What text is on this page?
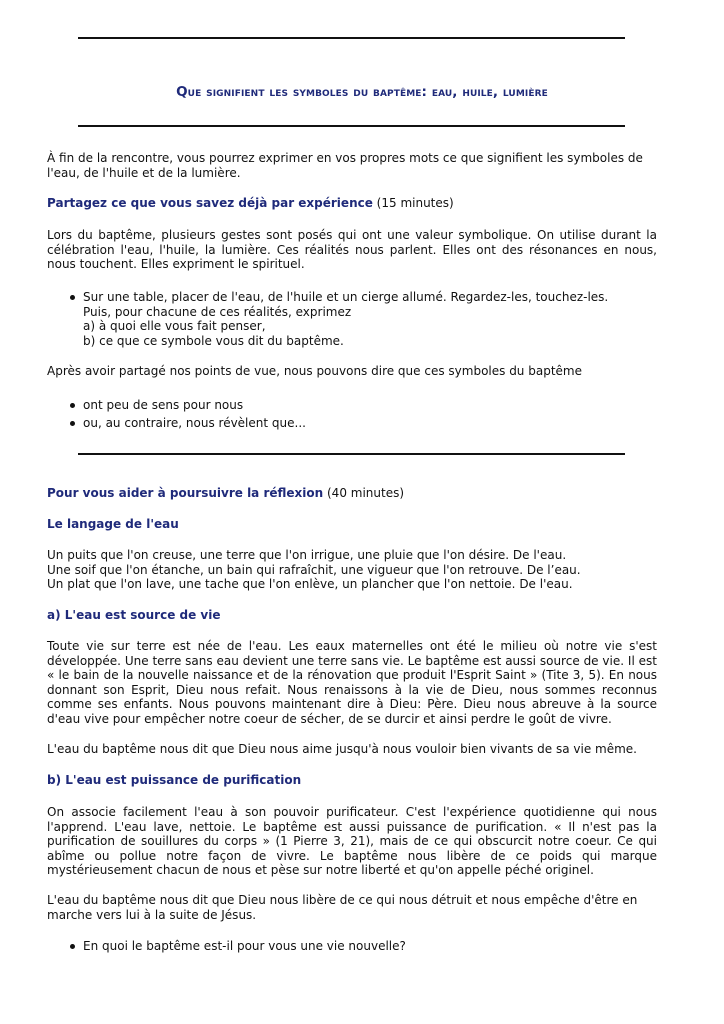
Que signifient les symboles du baptême: eau, huile, lumière
À fin de la rencontre, vous pourrez exprimer en vos propres mots ce que signifient les symboles de l'eau, de l'huile et de la lumière.
Partagez ce que vous savez déjà par expérience (15 minutes)
Lors du baptême, plusieurs gestes sont posés qui ont une valeur symbolique. On utilise durant la célébration l'eau, l'huile, la lumière. Ces réalités nous parlent. Elles ont des résonances en nous, nous touchent. Elles expriment le spirituel.
Sur une table, placer de l'eau, de l'huile et un cierge allumé. Regardez-les, touchez-les.
Puis, pour chacune de ces réalités, exprimez
a) à quoi elle vous fait penser,
b) ce que ce symbole vous dit du baptême.
Après avoir partagé nos points de vue, nous pouvons dire que ces symboles du baptême
ont peu de sens pour nous
ou, au contraire, nous révèlent que...
Pour vous aider à poursuivre la réflexion (40 minutes)
Le langage de l'eau
Un puits que l'on creuse, une terre que l'on irrigue, une pluie que l'on désire. De l'eau.
Une soif que l'on étanche, un bain qui rafraîchit, une vigueur que l'on retrouve. De l’eau.
Un plat que l'on lave, une tache que l'on enlève, un plancher que l'on nettoie. De l'eau.
a) L'eau est source de vie
Toute vie sur terre est née de l'eau. Les eaux maternelles ont été le milieu où notre vie s'est développée. Une terre sans eau devient une terre sans vie. Le baptême est aussi source de vie. Il est « le bain de la nouvelle naissance et de la rénovation que produit l'Esprit Saint » (Tite 3, 5). En nous donnant son Esprit, Dieu nous refait. Nous renaissons à la vie de Dieu, nous sommes reconnus comme ses enfants. Nous pouvons maintenant dire à Dieu: Père. Dieu nous abreuve à la source d'eau vive pour empêcher notre coeur de sécher, de se durcir et ainsi perdre le goût de vivre.
L'eau du baptême nous dit que Dieu nous aime jusqu'à nous vouloir bien vivants de sa vie même.
b) L'eau est puissance de purification
On associe facilement l'eau à son pouvoir purificateur. C'est l'expérience quotidienne qui nous l'apprend. L'eau lave, nettoie. Le baptême est aussi puissance de purification. « Il n'est pas la purification de souillures du corps » (1 Pierre 3, 21), mais de ce qui obscurcit notre coeur. Ce qui abîme ou pollue notre façon de vivre. Le baptême nous libère de ce poids qui marque mystérieusement chacun de nous et pèse sur notre liberté et qu'on appelle péché originel.
L'eau du baptême nous dit que Dieu nous libère de ce qui nous détruit et nous empêche d'être en marche vers lui à la suite de Jésus.
En quoi le baptême est-il pour vous une vie nouvelle?
